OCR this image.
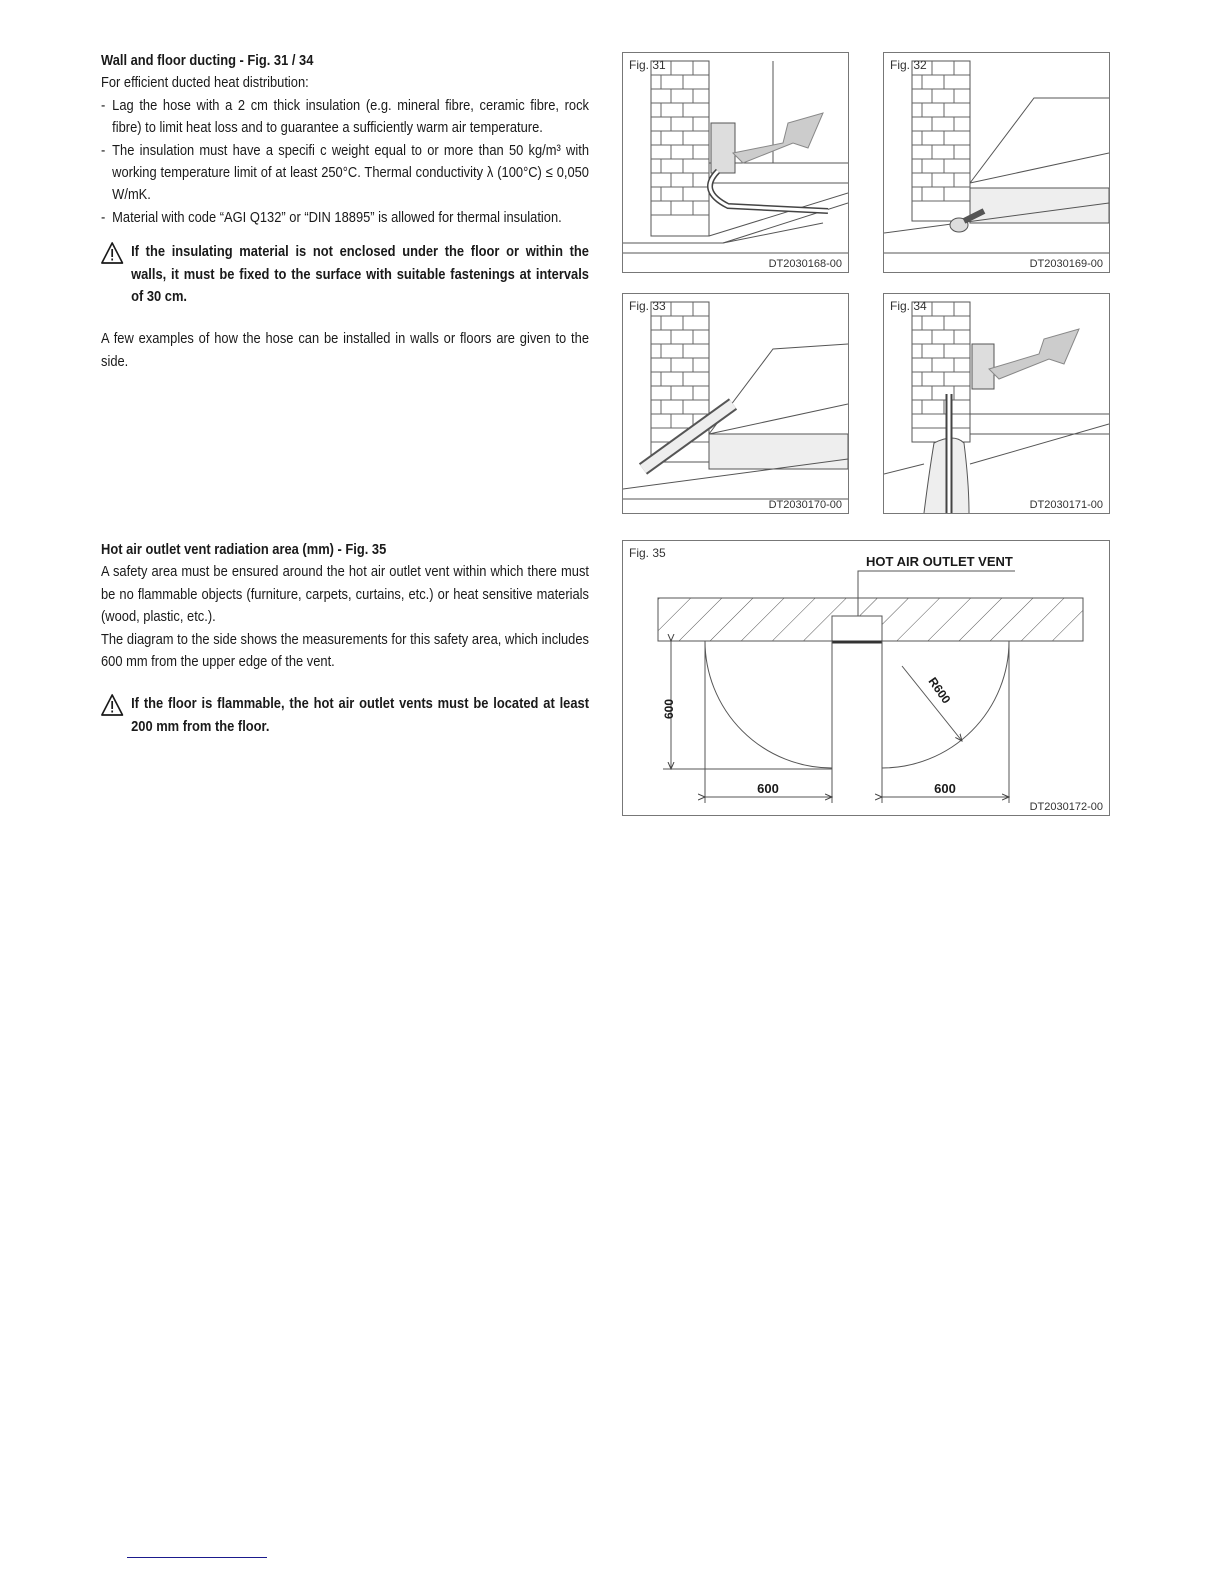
Wall and floor ducting - Fig. 31 / 34

For efficient ducted heat distribution:

- Lag the hose with a 2 cm thick insulation (e.g. mineral fibre, ceramic fibre, rock fibre) to limit heat loss and to guarantee a sufficiently warm air temperature.
- The insulation must have a specifi c weight equal to or more than 50 kg/m³ with working temperature limit of at least 250°C. Thermal conductivity λ (100°C) ≤ 0,050 W/mK.
- Material with code “AGI Q132” or “DIN 18895” is allowed for thermal insulation.
If the insulating material is not enclosed under the floor or within the walls, it must be fixed to the surface with suitable fastenings at intervals of 30 cm.

A few examples of how the hose can be installed in walls or floors are given to the side.

Hot air outlet vent radiation area (mm) - Fig. 35

A safety area must be ensured around the hot air outlet vent within which there must be no flammable objects (furniture, carpets, curtains, etc.) or heat sensitive materials (wood, plastic, etc.).

The diagram to the side shows the measurements for this safety area, which includes 600 mm from the upper edge of the vent.

If the floor is flammable, the hot air outlet vents must be located at least 200 mm from the floor.
Fig. 31
DT2030168-00
Fig. 32
DT2030169-00
Fig. 33
DT2030170-00
Fig. 34
DT2030171-00
HOT AIR OUTLET VENT
600
600	600
R600
Fig. 35
DT2030172-00
